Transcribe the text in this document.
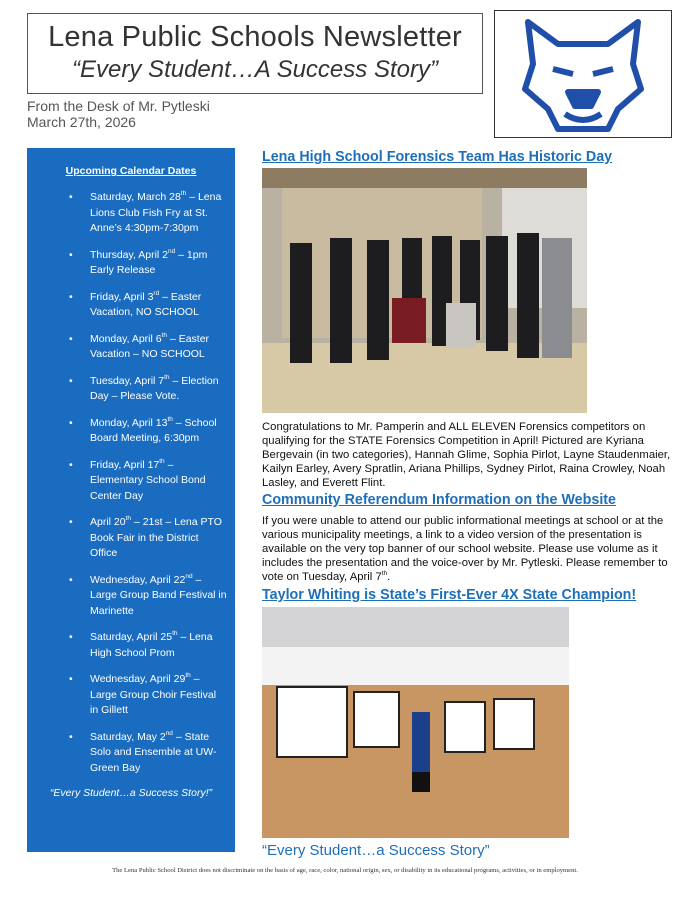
Lena Public Schools Newsletter
“Every Student…A Success Story”
From the Desk of Mr. Pytleski
March 27th, 2026
Upcoming Calendar Dates
• Saturday, March 28th – Lena Lions Club Fish Fry at St. Anne’s 4:30pm-7:30pm
• Thursday, April 2nd – 1pm Early Release
• Friday, April 3rd – Easter Vacation, NO SCHOOL
• Monday, April 6th – Easter Vacation – NO SCHOOL
• Tuesday, April 7th – Election Day – Please Vote.
• Monday, April 13th – School Board Meeting, 6:30pm
• Friday, April 17th – Elementary School Bond Center Day
• April 20th – 21st – Lena PTO Book Fair in the District Office
• Wednesday, April 22nd – Large Group Band Festival in Marinette
• Saturday, April 25th – Lena High School Prom
• Wednesday, April 29th – Large Group Choir Festival in Gillett
• Saturday, May 2nd – State Solo and Ensemble at UW-Green Bay
“Every Student…a Success Story!”
Lena High School Forensics Team Has Historic Day
Congratulations to Mr. Pamperin and ALL ELEVEN Forensics competitors on qualifying for the STATE Forensics Competition in April! Pictured are Kyriana Bergevain (in two categories), Hannah Glime, Sophia Pirlot, Layne Staudenmaier, Kailyn Earley, Avery Spratlin, Ariana Phillips, Sydney Pirlot, Raina Crowley, Noah Lasley, and Everett Flint.
Community Referendum Information on the Website
If you were unable to attend our public informational meetings at school or at the various municipality meetings, a link to a video version of the presentation is available on the very top banner of our school website. Please use volume as it includes the presentation and the voice-over by Mr. Pytleski. Please remember to vote on Tuesday, April 7th.
Taylor Whiting is State’s First-Ever 4X State Champion!
“Every Student…a Success Story”
The Lena Public School District does not discriminate on the basis of age, race, color, national origin, sex, or disability in its educational programs, activities, or in employment.
